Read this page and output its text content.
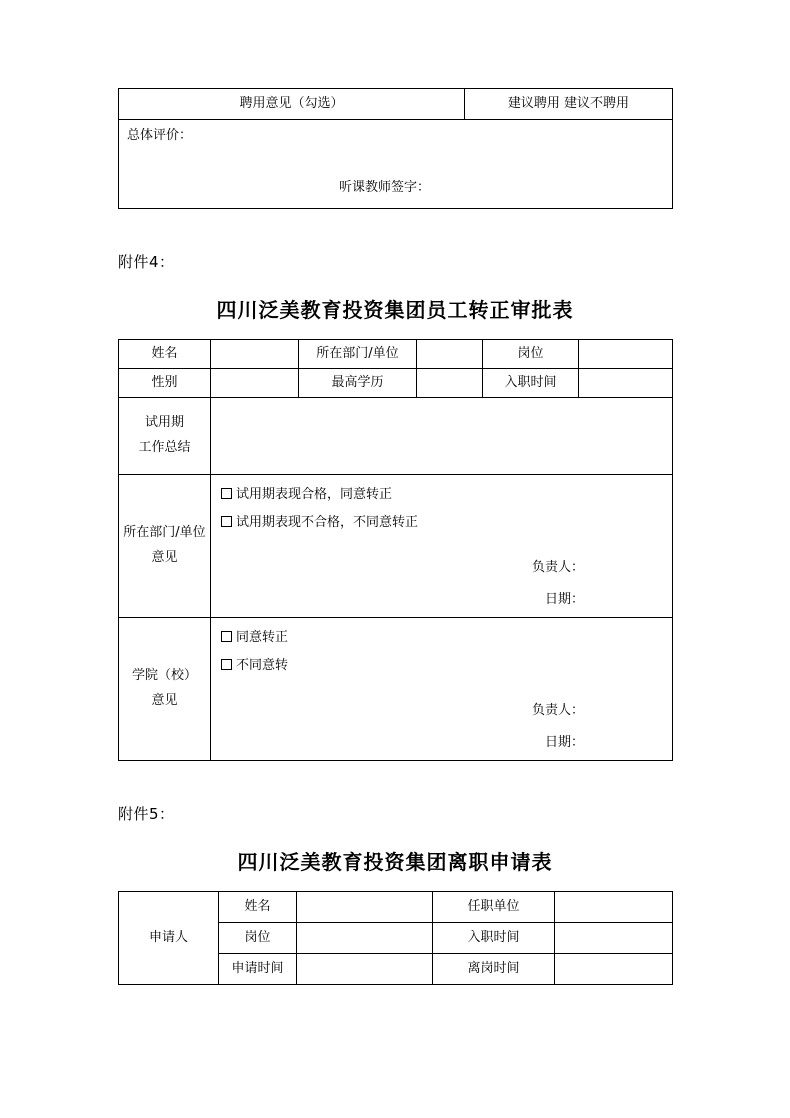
聘用意见（勾选）	建议聘用 建议不聘用

总体评价：
听课教师签字：
附件4：
四川泛美教育投资集团员工转正审批表
姓名		所在部门/单位		岗位	
性别		最高学历		入职时间	

试用期
工作总结					

所在部门/单位
意见

试用期表现合格，同意转正
试用期表现不合格，不同意转正
负责人：
日期：

学院（校）
意见

同意转正
不同意转
负责人：
日期：
附件5：
四川泛美教育投资集团离职申请表
申请人	姓名		任职单位	
	岗位		入职时间	
	申请时间		离岗时间	
